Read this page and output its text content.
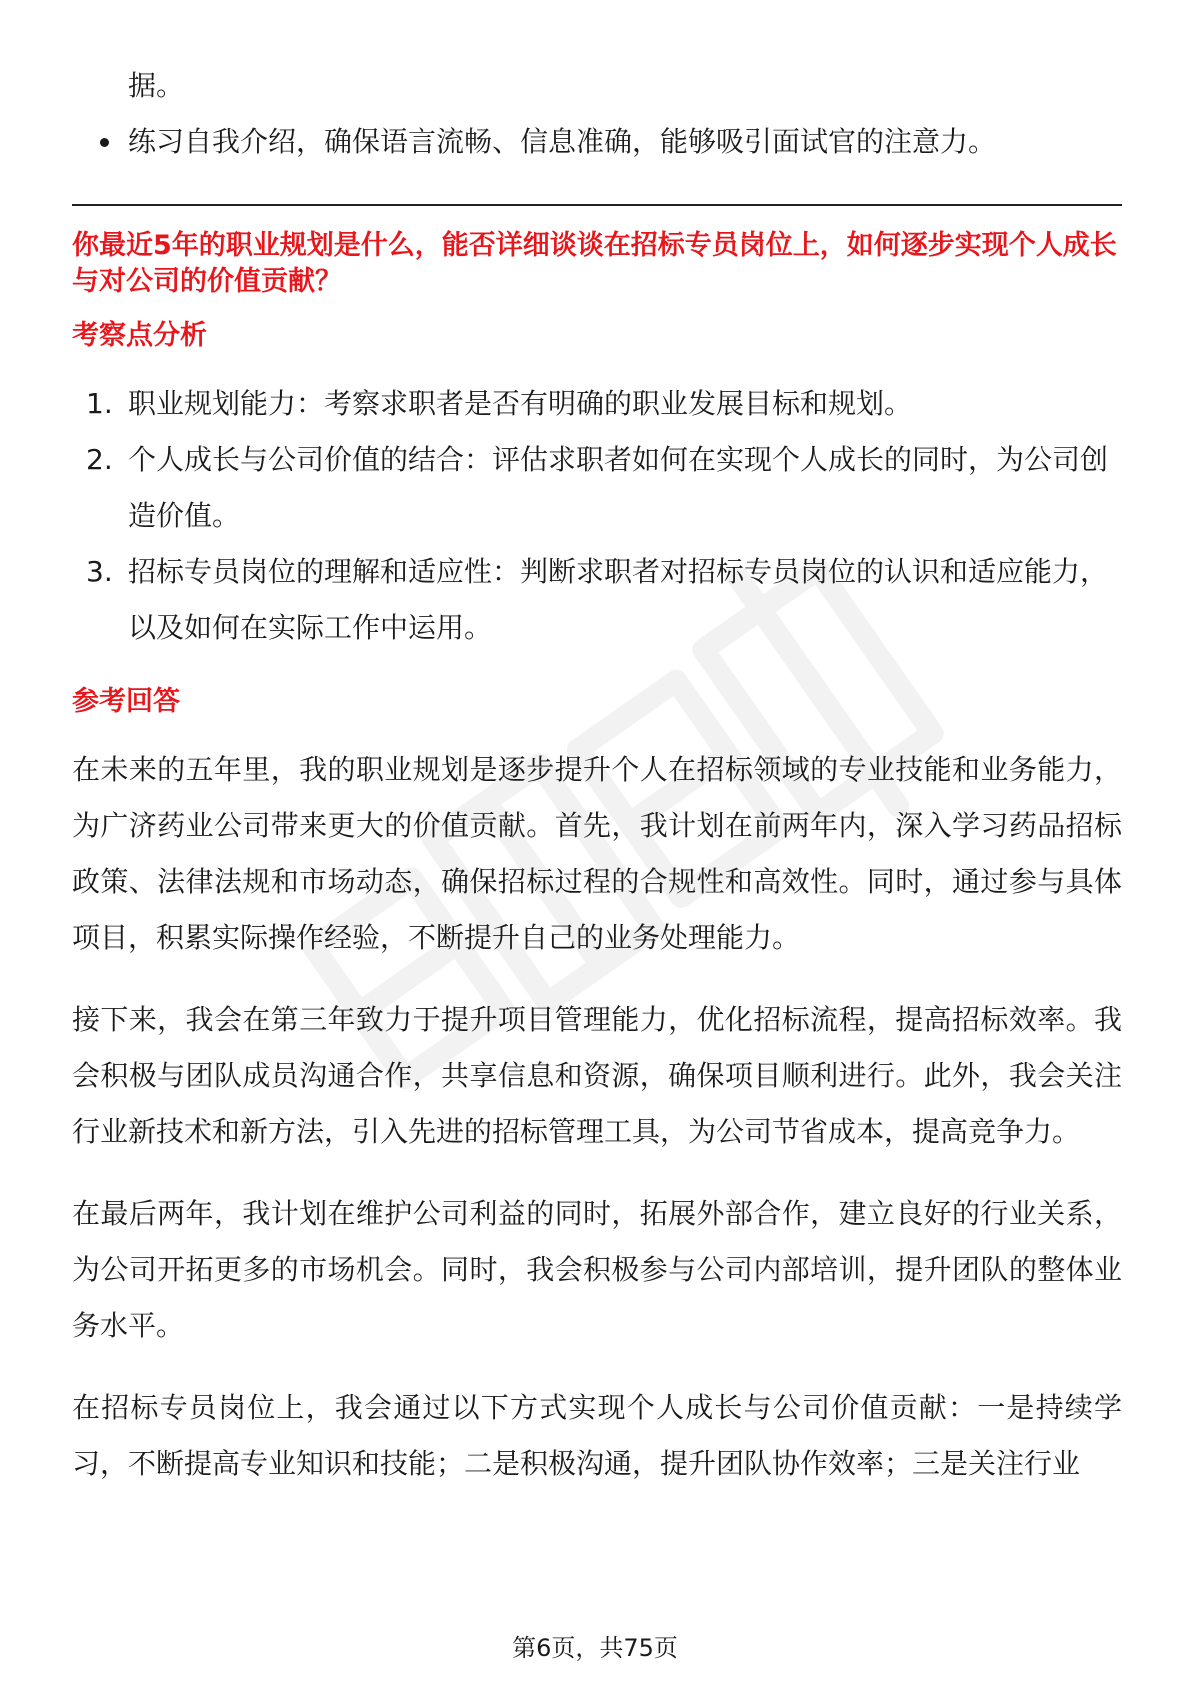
据。
练习自我介绍，确保语言流畅、信息准确，能够吸引面试官的注意力。
你最近5年的职业规划是什么，能否详细谈谈在招标专员岗位上，如何逐步实现个人成长与对公司的价值贡献？
考察点分析
1. 职业规划能力：考察求职者是否有明确的职业发展目标和规划。
2. 个人成长与公司价值的结合：评估求职者如何在实现个人成长的同时，为公司创造价值。
3. 招标专员岗位的理解和适应性：判断求职者对招标专员岗位的认识和适应能力，以及如何在实际工作中运用。
参考回答

在未来的五年里，我的职业规划是逐步提升个人在招标领域的专业技能和业务能力，为广济药业公司带来更大的价值贡献。首先，我计划在前两年内，深入学习药品招标政策、法律法规和市场动态，确保招标过程的合规性和高效性。同时，通过参与具体项目，积累实际操作经验，不断提升自己的业务处理能力。

接下来，我会在第三年致力于提升项目管理能力，优化招标流程，提高招标效率。我会积极与团队成员沟通合作，共享信息和资源，确保项目顺利进行。此外，我会关注行业新技术和新方法，引入先进的招标管理工具，为公司节省成本，提高竞争力。

在最后两年，我计划在维护公司利益的同时，拓展外部合作，建立良好的行业关系，为公司开拓更多的市场机会。同时，我会积极参与公司内部培训，提升团队的整体业务水平。

在招标专员岗位上，我会通过以下方式实现个人成长与公司价值贡献：一是持续学习，不断提高专业知识和技能；二是积极沟通，提升团队协作效率；三是关注行业

第6页，共75页
